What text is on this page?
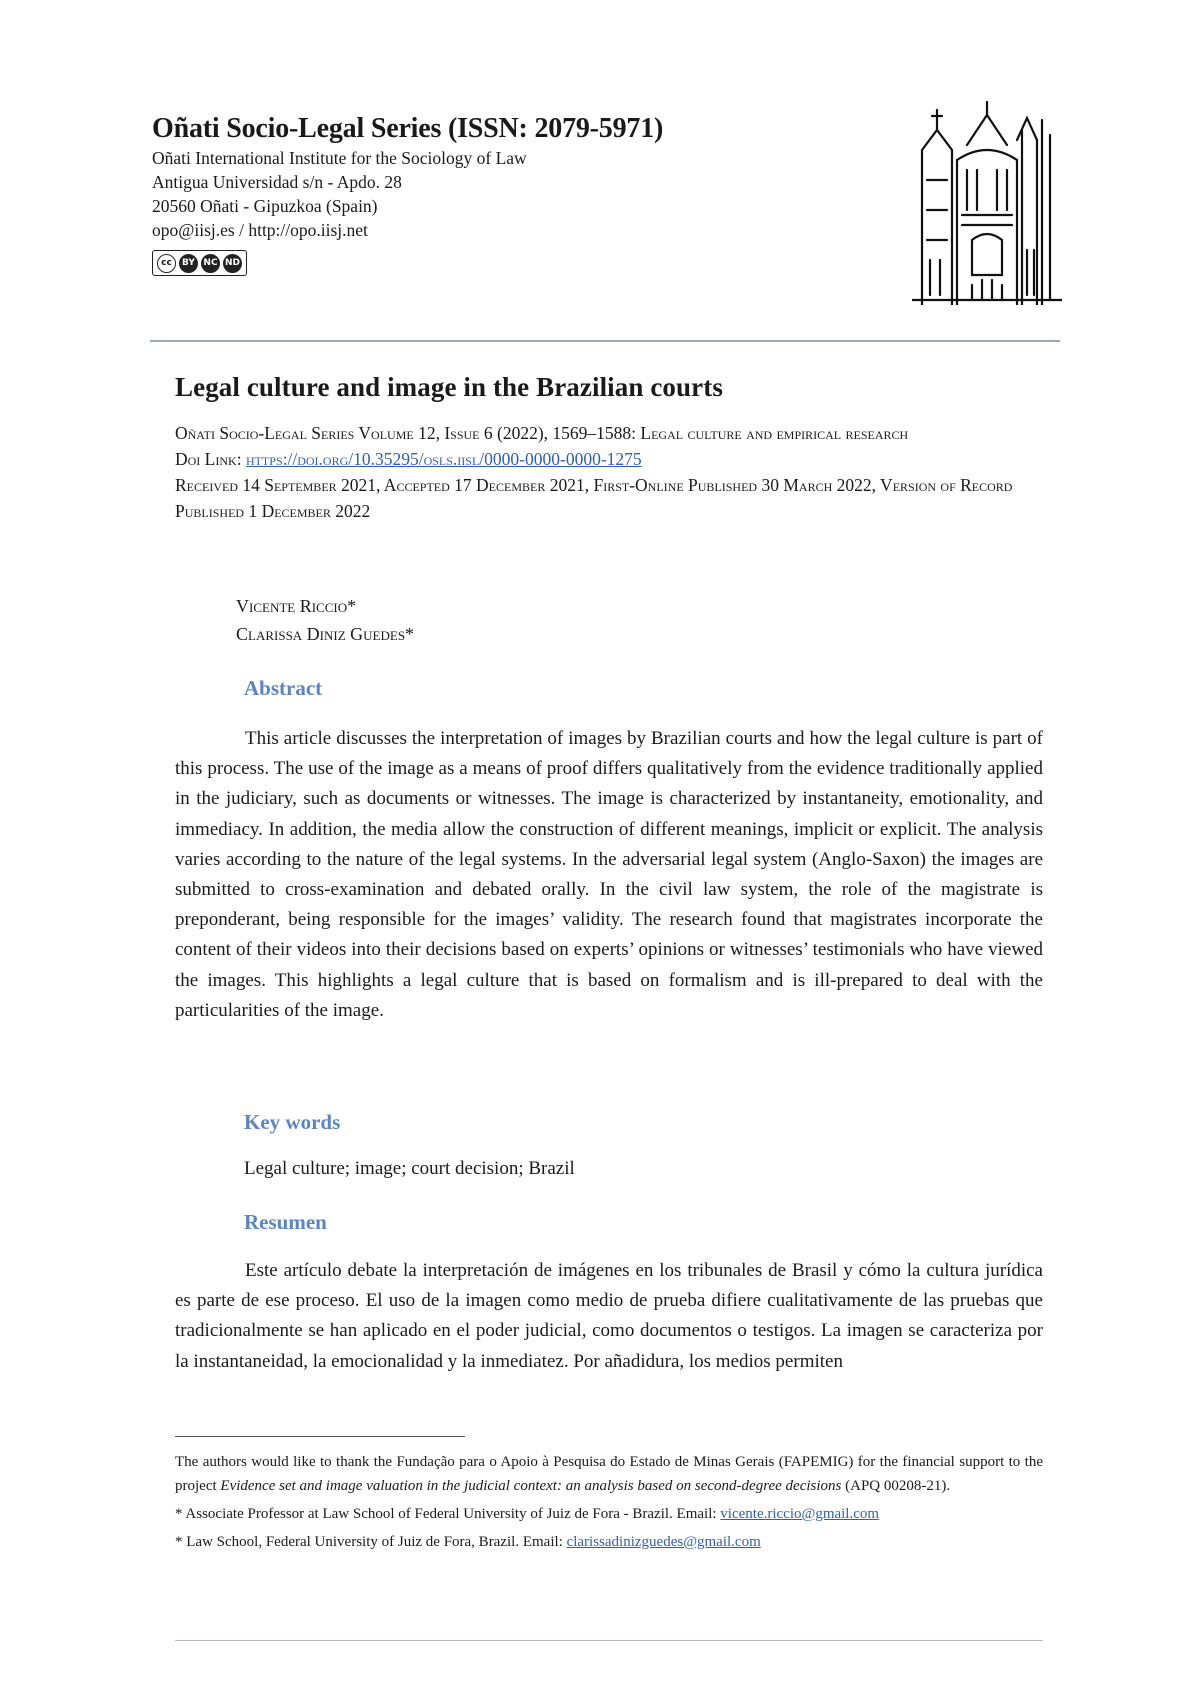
Oñati Socio-Legal Series (ISSN: 2079-5971)

Oñati International Institute for the Sociology of Law

Antigua Universidad s/n - Apdo. 28

20560 Oñati - Gipuzkoa (Spain)

opo@iisj.es / http://opo.iisj.net

cc	BY NC ND
Legal culture and image in the Brazilian courts

Oñati Socio-Legal Series Volume 12, Issue 6 (2022), 1569–1588: Legal culture and empirical research

Doi Link: https://doi.org/10.35295/osls.iisl/0000-0000-0000-1275

Received 14 September 2021, Accepted 17 December 2021, First-Online Published 30 March 2022, Version of Record Published 1 December 2022

Vicente Riccio*

Clarissa Diniz Guedes*

Abstract

This article discusses the interpretation of images by Brazilian courts and how the legal culture is part of this process. The use of the image as a means of proof differs qualitatively from the evidence traditionally applied in the judiciary, such as documents or witnesses. The image is characterized by instantaneity, emotionality, and immediacy. In addition, the media allow the construction of different meanings, implicit or explicit. The analysis varies according to the nature of the legal systems. In the adversarial legal system (Anglo-Saxon) the images are submitted to cross-examination and debated orally. In the civil law system, the role of the magistrate is preponderant, being responsible for the images’ validity. The research found that magistrates incorporate the content of their videos into their decisions based on experts’ opinions or witnesses’ testimonials who have viewed the images. This highlights a legal culture that is based on formalism and is ill-prepared to deal with the particularities of the image.

Key words

Legal culture; image; court decision; Brazil

Resumen

Este artículo debate la interpretación de imágenes en los tribunales de Brasil y cómo la cultura jurídica es parte de ese proceso. El uso de la imagen como medio de prueba difiere cualitativamente de las pruebas que tradicionalmente se han aplicado en el poder judicial, como documentos o testigos. La imagen se caracteriza por la instantaneidad, la emocionalidad y la inmediatez. Por añadidura, los medios permiten

The authors would like to thank the Fundação para o Apoio à Pesquisa do Estado de Minas Gerais (FAPEMIG) for the financial support to the project Evidence set and image valuation in the judicial context: an analysis based on second-degree decisions (APQ 00208-21).

* Associate Professor at Law School of Federal University of Juiz de Fora - Brazil. Email: vicente.riccio@gmail.com

* Law School, Federal University of Juiz de Fora, Brazil. Email: clarissadinizguedes@gmail.com
